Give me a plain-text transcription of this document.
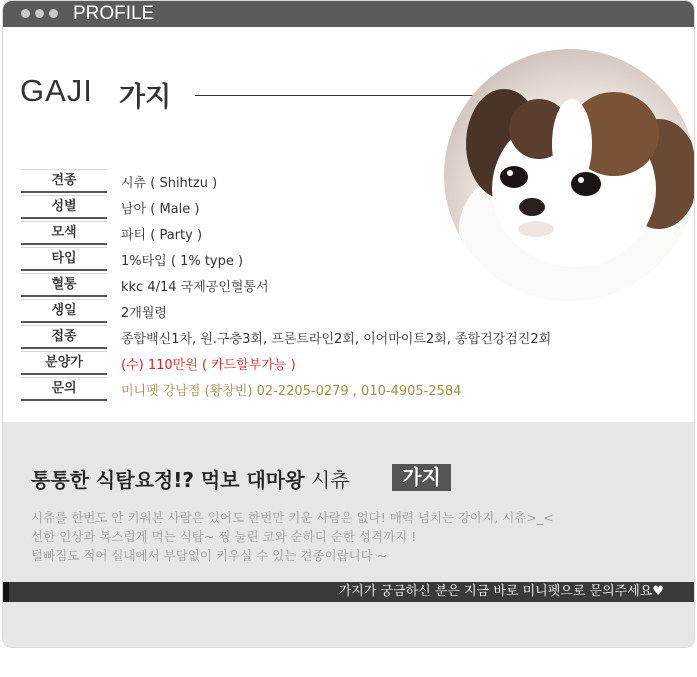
PROFILE
GAJI 가지
견종	시츄 ( Shihtzu )
성별	남아 ( Male )
모색	파티 ( Party )
타입	1%타입 ( 1% type )
혈통	kkc 4/14 국제공인혈통서
생일	2개월령
접종	종합백신1차, 원.구충3회, 프론트라인2회, 이어마이트2회, 종합건강검진2회
분양가	(수) 110만원 ( 카드할부가능 )
문의	미니펫 강남점 (황창빈) 02-2205-0279 , 010-4905-2584
통통한 식탐요정!? 먹보 대마왕 시츄	가지
시츄를 한번도 안 키워본 사람은 있어도 한번만 키운 사람은 없다! 매력 넘치는 강아지, 시츄>_<
선한 인상과 복스럽게 먹는 식탐~ 찡 눌린 코와 순하디 순한 성격까지 !
털빠짐도 적어 실내에서 부담없이 키우실 수 있는 견종이랍니다 ~
가지가 궁금하신 분은 지금 바로 미니펫으로 문의주세요♥
